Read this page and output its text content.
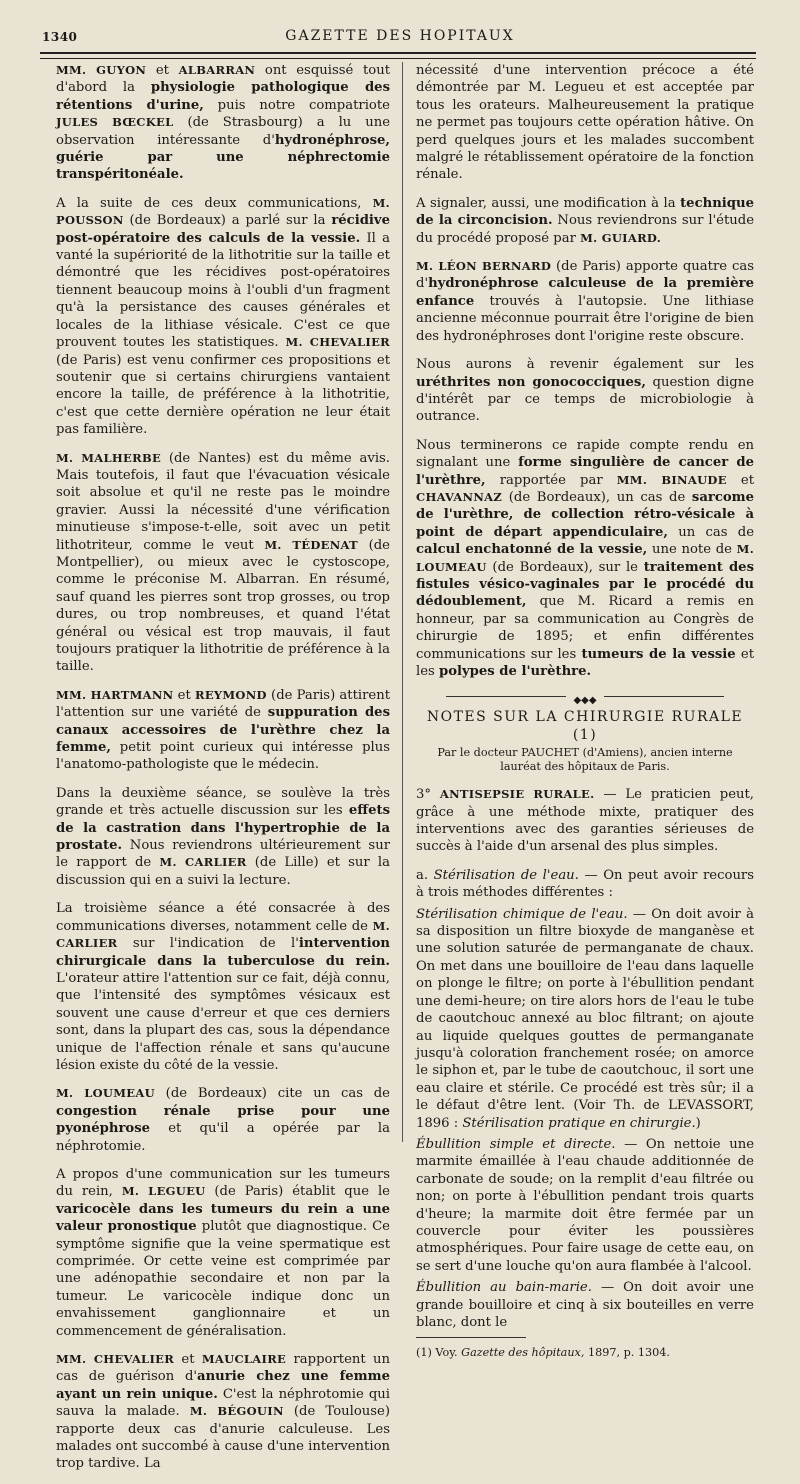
1340	GAZETTE DES HOPITAUX

MM. GUYON et ALBARRAN ont esquissé tout d'abord la physiologie pathologique des rétentions d'urine, puis notre compatriote JULES BŒCKEL (de Strasbourg) a lu une observation intéressante d'hydronéphrose, guérie par une néphrectomie transpéritonéale.

A la suite de ces deux communications, M. POUSSON (de Bordeaux) a parlé sur la récidive post-opératoire des calculs de la vessie. Il a vanté la supériorité de la lithotritie sur la taille et démontré que les récidives post-opératoires tiennent beaucoup moins à l'oubli d'un fragment qu'à la persistance des causes générales et locales de la lithiase vésicale. C'est ce que prouvent toutes les statistiques. M. CHEVALIER (de Paris) est venu confirmer ces propositions et soutenir que si certains chirurgiens vantaient encore la taille, de préférence à la lithotritie, c'est que cette dernière opération ne leur était pas familière.

M. MALHERBE (de Nantes) est du même avis. Mais toutefois, il faut que l'évacuation vésicale soit absolue et qu'il ne reste pas le moindre gravier. Aussi la nécessité d'une vérification minutieuse s'impose-t-elle, soit avec un petit lithotriteur, comme le veut M. TÉDENAT (de Montpellier), ou mieux avec le cystoscope, comme le préconise M. Albarran. En résumé, sauf quand les pierres sont trop grosses, ou trop dures, ou trop nombreuses, et quand l'état général ou vésical est trop mauvais, il faut toujours pratiquer la lithotritie de préférence à la taille.

MM. HARTMANN et REYMOND (de Paris) attirent l'attention sur une variété de suppuration des canaux accessoires de l'urèthre chez la femme, petit point curieux qui intéresse plus l'anatomo-pathologiste que le médecin.

Dans la deuxième séance, se soulève la très grande et très actuelle discussion sur les effets de la castration dans l'hypertrophie de la prostate. Nous reviendrons ultérieurement sur le rapport de M. CARLIER (de Lille) et sur la discussion qui en a suivi la lecture.

La troisième séance a été consacrée à des communications diverses, notamment celle de M. CARLIER sur l'indication de l'intervention chirurgicale dans la tuberculose du rein. L'orateur attire l'attention sur ce fait, déjà connu, que l'intensité des symptômes vésicaux est souvent une cause d'erreur et que ces derniers sont, dans la plupart des cas, sous la dépendance unique de l'affection rénale et sans qu'aucune lésion existe du côté de la vessie.

M. LOUMEAU (de Bordeaux) cite un cas de congestion rénale prise pour une pyonéphrose et qu'il a opérée par la néphrotomie.

A propos d'une communication sur les tumeurs du rein, M. LEGUEU (de Paris) établit que le varicocèle dans les tumeurs du rein a une valeur pronostique plutôt que diagnostique. Ce symptôme signifie que la veine spermatique est comprimée. Or cette veine est comprimée par une adénopathie secondaire et non par la tumeur. Le varicocèle indique donc un envahissement ganglionnaire et un commencement de généralisation.

MM. CHEVALIER et MAUCLAIRE rapportent un cas de guérison d'anurie chez une femme ayant un rein unique. C'est la néphrotomie qui sauva la malade. M. BÉGOUIN (de Toulouse) rapporte deux cas d'anurie calculeuse. Les malades ont succombé à cause d'une intervention trop tardive. La

nécessité d'une intervention précoce a été démontrée par M. Legueu et est acceptée par tous les orateurs. Malheureusement la pratique ne permet pas toujours cette opération hâtive. On perd quelques jours et les malades succombent malgré le rétablissement opératoire de la fonction rénale.

A signaler, aussi, une modification à la technique de la circoncision. Nous reviendrons sur l'étude du procédé proposé par M. GUIARD.

M. LÉON BERNARD (de Paris) apporte quatre cas d'hydronéphrose calculeuse de la première enfance trouvés à l'autopsie. Une lithiase ancienne méconnue pourrait être l'origine de bien des hydronéphroses dont l'origine reste obscure.

Nous aurons à revenir également sur les uréthrites non gonococciques, question digne d'intérêt par ce temps de microbiologie à outrance.

Nous terminerons ce rapide compte rendu en signalant une forme singulière de cancer de l'urèthre, rapportée par MM. BINAUDE et CHAVANNAZ (de Bordeaux), un cas de sarcome de l'urèthre, de collection rétro-vésicale à point de départ appendiculaire, un cas de calcul enchatonné de la vessie, une note de M. LOUMEAU (de Bordeaux), sur le traitement des fistules vésico-vaginales par le procédé du dédoublement, que M. Ricard a remis en honneur, par sa communication au Congrès de chirurgie de 1895; et enfin différentes communications sur les tumeurs de la vessie et les polypes de l'urèthre.

◆◆◆
NOTES SUR LA CHIRURGIE RURALE (1)
Par le docteur PAUCHET (d'Amiens), ancien interne lauréat des hôpitaux de Paris.

3° ANTISEPSIE RURALE. — Le praticien peut, grâce à une méthode mixte, pratiquer des interventions avec des garanties sérieuses de succès à l'aide d'un arsenal des plus simples.

a. Stérilisation de l'eau. — On peut avoir recours à trois méthodes différentes :

Stérilisation chimique de l'eau. — On doit avoir à sa disposition un filtre bioxyde de manganèse et une solution saturée de permanganate de chaux. On met dans une bouilloire de l'eau dans laquelle on plonge le filtre; on porte à l'ébullition pendant une demi-heure; on tire alors hors de l'eau le tube de caoutchouc annexé au bloc filtrant; on ajoute au liquide quelques gouttes de permanganate jusqu'à coloration franchement rosée; on amorce le siphon et, par le tube de caoutchouc, il sort une eau claire et stérile. Ce procédé est très sûr; il a le défaut d'être lent. (Voir Th. de LEVASSORT, 1896 : Stérilisation pratique en chirurgie.)

Ébullition simple et directe. — On nettoie une marmite émaillée à l'eau chaude additionnée de carbonate de soude; on la remplit d'eau filtrée ou non; on porte à l'ébullition pendant trois quarts d'heure; la marmite doit être fermée par un couvercle pour éviter les poussières atmosphériques. Pour faire usage de cette eau, on se sert d'une louche qu'on aura flambée à l'alcool.

Ébullition au bain-marie. — On doit avoir une grande bouilloire et cinq à six bouteilles en verre blanc, dont le

(1) Voy. Gazette des hôpitaux, 1897, p. 1304.
